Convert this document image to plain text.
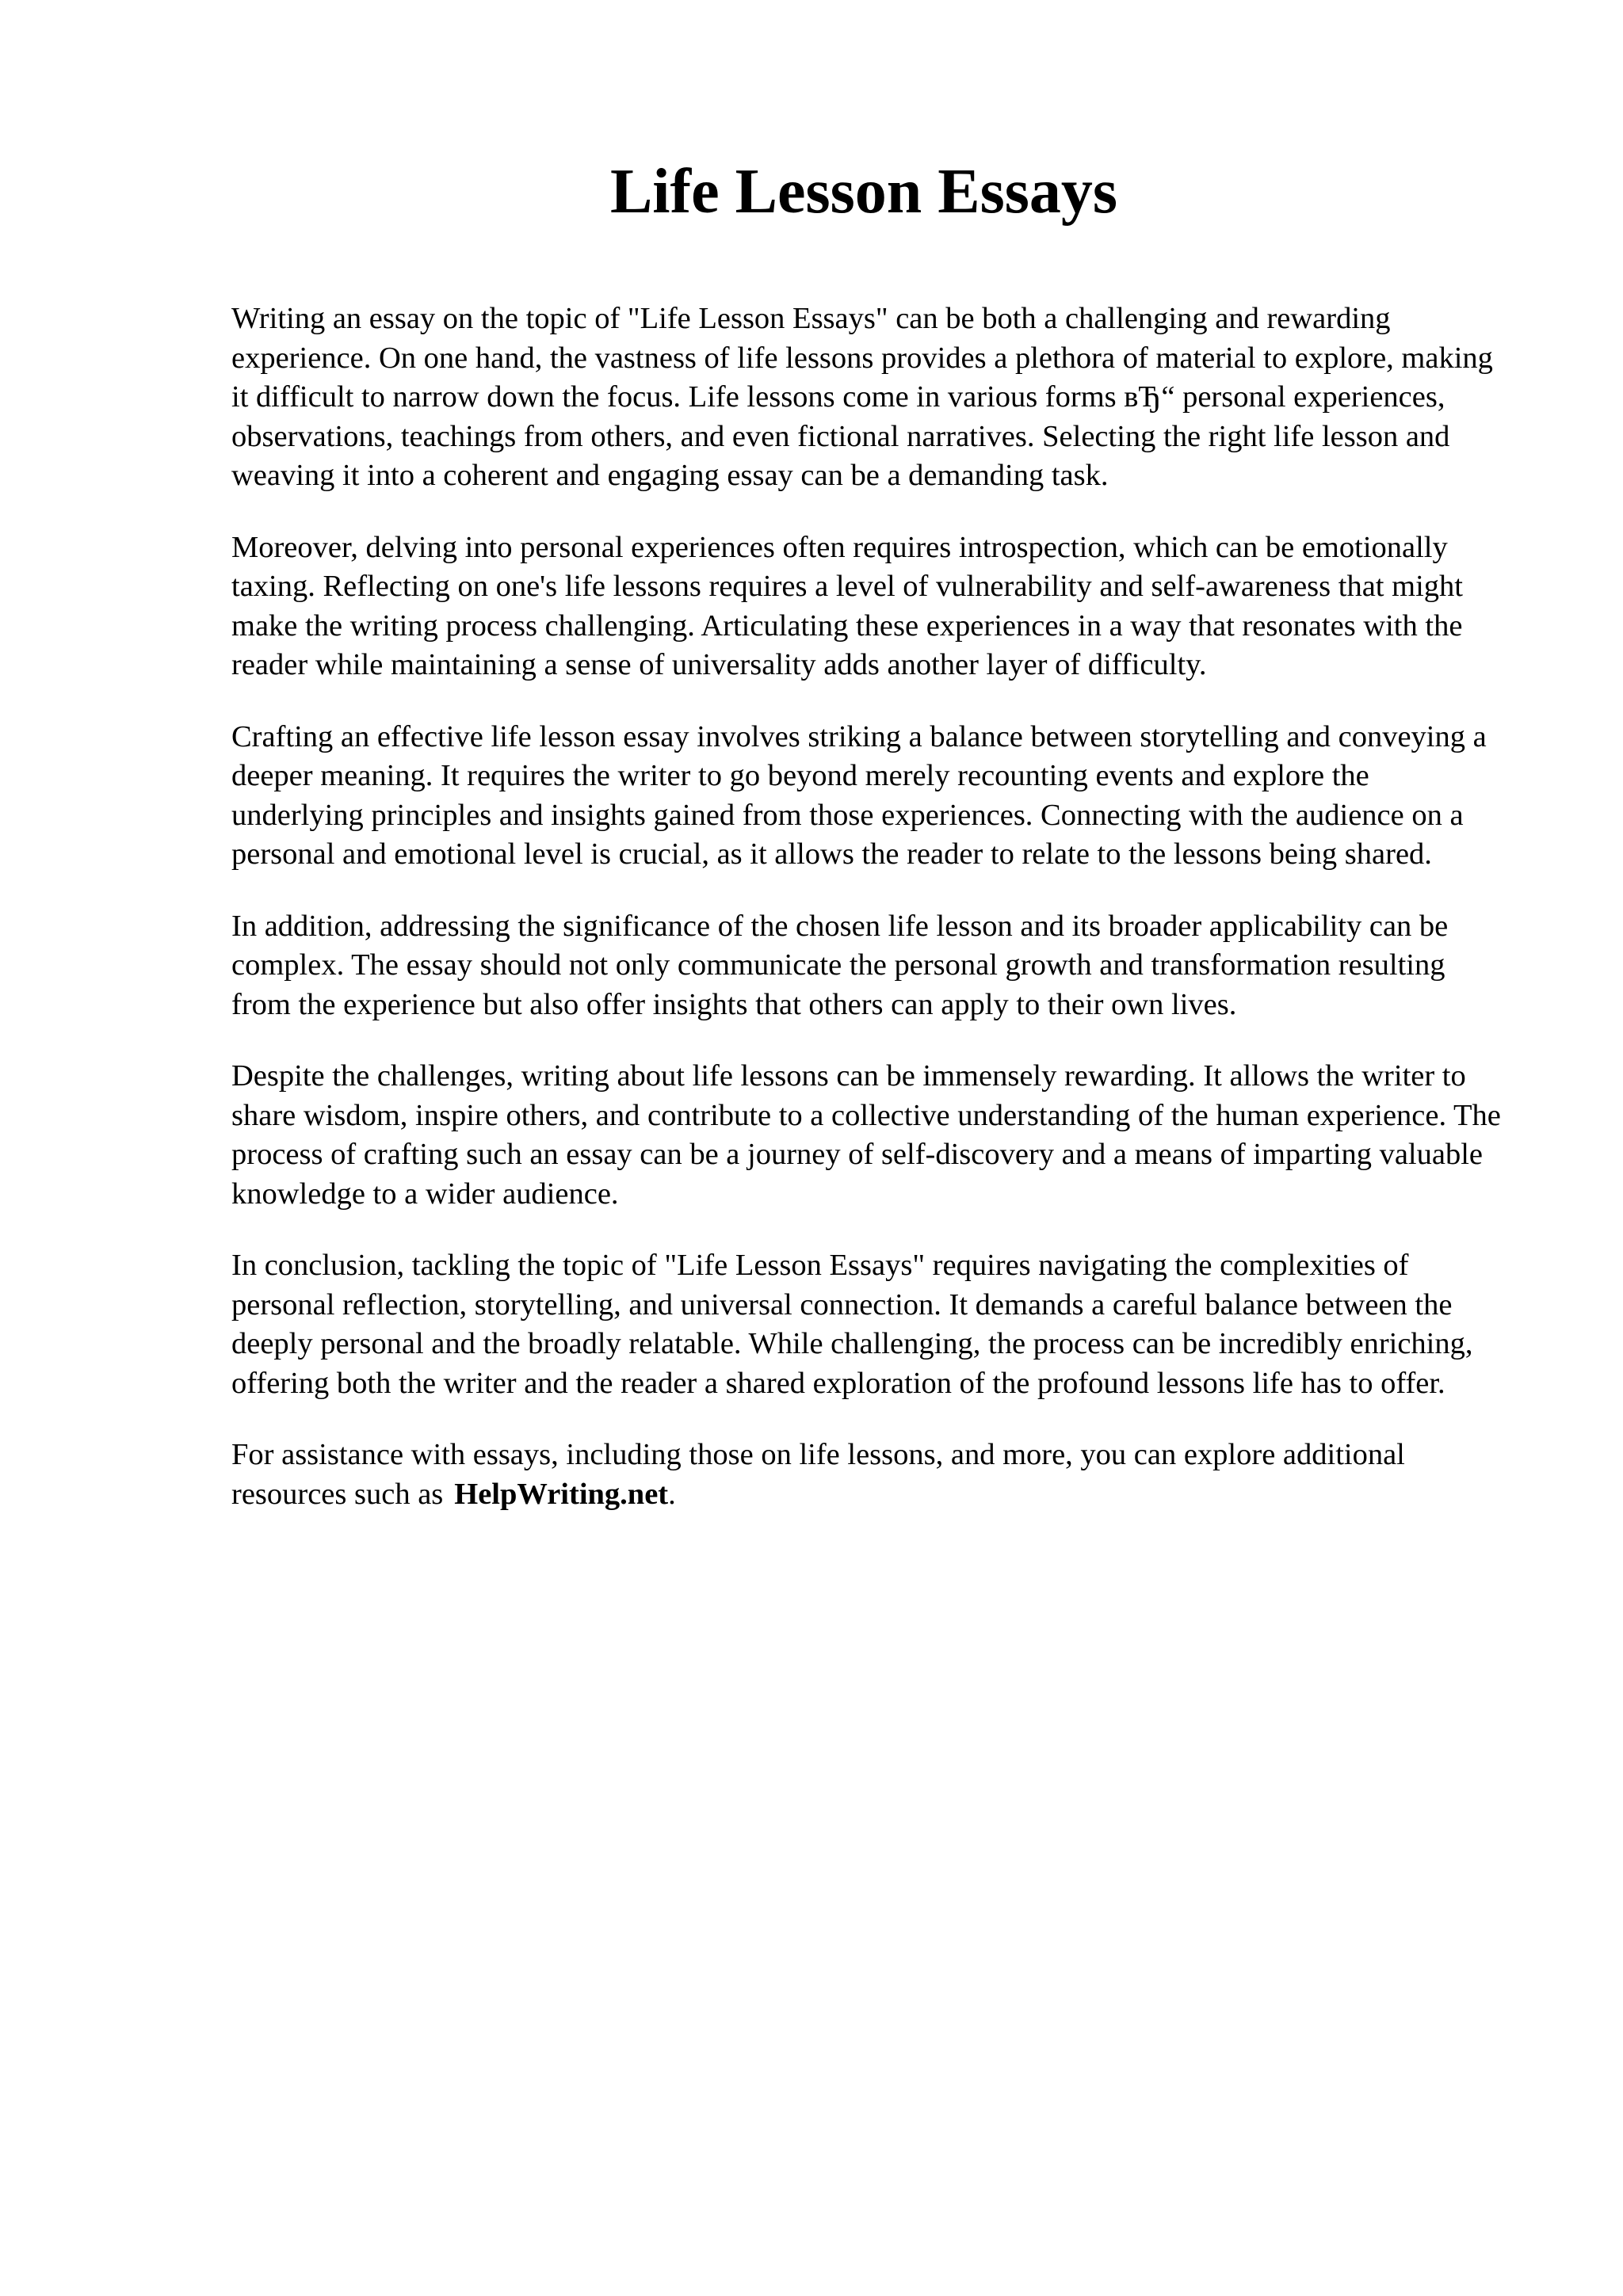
Life Lesson Essays

Writing an essay on the topic of "Life Lesson Essays" can be both a challenging and rewarding experience. On one hand, the vastness of life lessons provides a plethora of material to explore, making it difficult to narrow down the focus. Life lessons come in various forms вЂ“ personal experiences, observations, teachings from others, and even fictional narratives. Selecting the right life lesson and weaving it into a coherent and engaging essay can be a demanding task.

Moreover, delving into personal experiences often requires introspection, which can be emotionally taxing. Reflecting on one's life lessons requires a level of vulnerability and self-awareness that might make the writing process challenging. Articulating these experiences in a way that resonates with the reader while maintaining a sense of universality adds another layer of difficulty.

Crafting an effective life lesson essay involves striking a balance between storytelling and conveying a deeper meaning. It requires the writer to go beyond merely recounting events and explore the underlying principles and insights gained from those experiences. Connecting with the audience on a personal and emotional level is crucial, as it allows the reader to relate to the lessons being shared.

In addition, addressing the significance of the chosen life lesson and its broader applicability can be complex. The essay should not only communicate the personal growth and transformation resulting from the experience but also offer insights that others can apply to their own lives.

Despite the challenges, writing about life lessons can be immensely rewarding. It allows the writer to share wisdom, inspire others, and contribute to a collective understanding of the human experience. The process of crafting such an essay can be a journey of self-discovery and a means of imparting valuable knowledge to a wider audience.

In conclusion, tackling the topic of "Life Lesson Essays" requires navigating the complexities of personal reflection, storytelling, and universal connection. It demands a careful balance between the deeply personal and the broadly relatable. While challenging, the process can be incredibly enriching, offering both the writer and the reader a shared exploration of the profound lessons life has to offer.

For assistance with essays, including those on life lessons, and more, you can explore additional resources such as HelpWriting.net.
